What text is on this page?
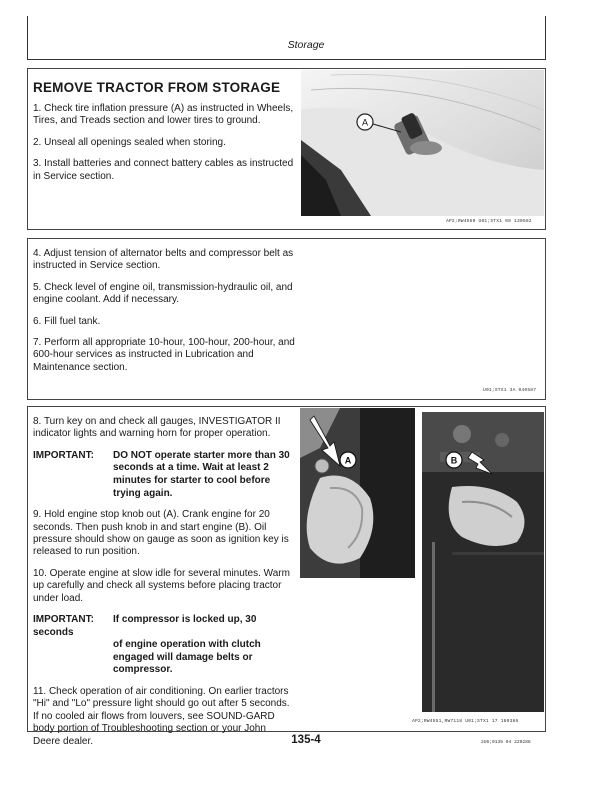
Storage
REMOVE TRACTOR FROM STORAGE

1. Check tire inflation pressure (A) as instructed in Wheels, Tires, and Treads section and lower tires to ground.

2. Unseal all openings sealed when storing.

3. Install batteries and connect battery cables as instructed in Service section.

A
AP2;RW4550 U01;STX1 08 130582

4. Adjust tension of alternator belts and compressor belt as instructed in Service section.

5. Check level of engine oil, transmission-hydraulic oil, and engine coolant. Add if necessary.

6. Fill fuel tank.

7. Perform all appropriate 10-hour, 100-hour, 200-hour, and 600-hour services as instructed in Lubrication and Maintenance section.

U01;STX1 3A 040587

8. Turn key on and check all gauges, INVESTIGATOR II indicator lights and warning horn for proper operation.

IMPORTANT: DO NOT operate starter more than 30
seconds at a time. Wait at least 2 minutes for starter to cool before trying again.

9. Hold engine stop knob out (A). Crank engine for 20 seconds. Then push knob in and start engine (B). Oil pressure should show on gauge as soon as ignition key is released to run position.

10. Operate engine at slow idle for several minutes. Warm up carefully and check all systems before placing tractor under load.

IMPORTANT: If compressor is locked up, 30 seconds
of engine operation with clutch engaged will damage belts or compressor.

11. Check operation of air conditioning. On earlier tractors "Hi" and "Lo" pressure light should go out after 5 seconds. If no cooled air flows from louvers, see SOUND-GARD body portion of Troubleshooting section or your John Deere dealer.

A	B
AP2;RW4551,RW7118 U01;STX1 17 180386
135-4	2U6;0135 04 220288
